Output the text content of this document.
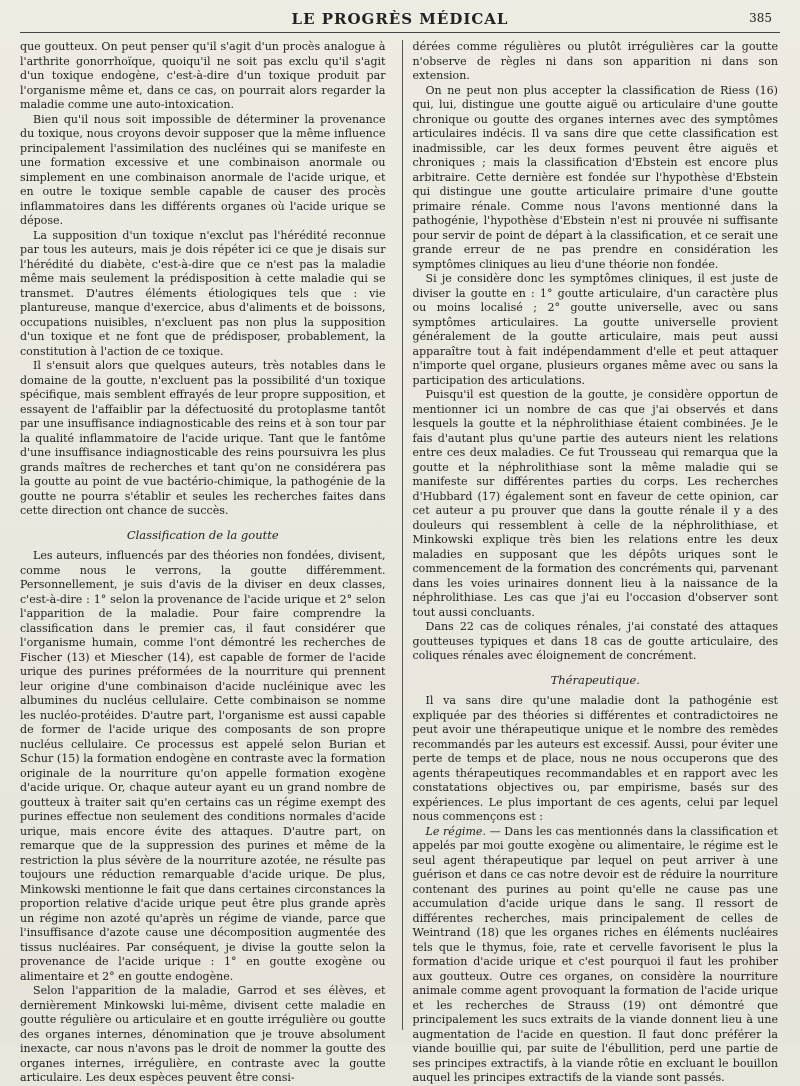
LE PROGRÈS MÉDICAL	385

que goutteux. On peut penser qu'il s'agit d'un procès analogue à l'arthrite gonorrhoïque, quoiqu'il ne soit pas exclu qu'il s'agit d'un toxique endogène, c'est-à-dire d'un toxique produit par l'organisme même et, dans ce cas, on pourrait alors regarder la maladie comme une auto-intoxication.

Bien qu'il nous soit impossible de déterminer la provenance du toxique, nous croyons devoir supposer que la même influence principalement l'assimilation des nucléines qui se manifeste en une formation excessive et une combinaison anormale ou simplement en une combinaison anormale de l'acide urique, et en outre le toxique semble capable de causer des procès inflammatoires dans les différents organes où l'acide urique se dépose.

La supposition d'un toxique n'exclut pas l'hérédité reconnue par tous les auteurs, mais je dois répéter ici ce que je disais sur l'hérédité du diabète, c'est-à-dire que ce n'est pas la maladie même mais seulement la prédisposition à cette maladie qui se transmet. D'autres éléments étiologiques tels que : vie plantureuse, manque d'exercice, abus d'aliments et de boissons, occupations nuisibles, n'excluent pas non plus la supposition d'un toxique et ne font que de prédisposer, probablement, la constitution à l'action de ce toxique.

Il s'ensuit alors que quelques auteurs, très notables dans le domaine de la goutte, n'excluent pas la possibilité d'un toxique spécifique, mais semblent effrayés de leur propre supposition, et essayent de l'affaiblir par la défectuosité du protoplasme tantôt par une insuffisance indiagnosticable des reins et à son tour par la qualité inflammatoire de l'acide urique. Tant que le fantôme d'une insuffisance indiagnosticable des reins poursuivra les plus grands maîtres de recherches et tant qu'on ne considérera pas la goutte au point de vue bactério-chimique, la pathogénie de la goutte ne pourra s'établir et seules les recherches faites dans cette direction ont chance de succès.

Classification de la goutte

Les auteurs, influencés par des théories non fondées, divisent, comme nous le verrons, la goutte différemment. Personnellement, je suis d'avis de la diviser en deux classes, c'est-à-dire : 1° selon la provenance de l'acide urique et 2° selon l'apparition de la maladie. Pour faire comprendre la classification dans le premier cas, il faut considérer que l'organisme humain, comme l'ont démontré les recherches de Fischer (13) et Miescher (14), est capable de former de l'acide urique des purines préformées de la nourriture qui prennent leur origine d'une combinaison d'acide nucléinique avec les albumines du nucléus cellulaire. Cette combinaison se nomme les nucléo-protéides. D'autre part, l'organisme est aussi capable de former de l'acide urique des composants de son propre nucléus cellulaire. Ce processus est appelé selon Burian et Schur (15) la formation endogène en contraste avec la formation originale de la nourriture qu'on appelle formation exogène d'acide urique. Or, chaque auteur ayant eu un grand nombre de goutteux à traiter sait qu'en certains cas un régime exempt des purines effectue non seulement des conditions normales d'acide urique, mais encore évite des attaques. D'autre part, on remarque que de la suppression des purines et même de la restriction la plus sévère de la nourriture azotée, ne résulte pas toujours une réduction remarquable d'acide urique. De plus, Minkowski mentionne le fait que dans certaines circonstances la proportion relative d'acide urique peut être plus grande après un régime non azoté qu'après un régime de viande, parce que l'insuffisance d'azote cause une décomposition augmentée des tissus nucléaires. Par conséquent, je divise la goutte selon la provenance de l'acide urique : 1° en goutte exogène ou alimentaire et 2° en goutte endogène.

Selon l'apparition de la maladie, Garrod et ses élèves, et dernièrement Minkowski lui-même, divisent cette maladie en goutte régulière ou articulaire et en goutte irrégulière ou goutte des organes internes, dénomination que je trouve absolument inexacte, car nous n'avons pas le droit de nommer la goutte des organes internes, irrégulière, en contraste avec la goutte articulaire. Les deux espèces peuvent être consi-

dérées comme régulières ou plutôt irrégulières car la goutte n'observe de règles ni dans son apparition ni dans son extension.

On ne peut non plus accepter la classification de Riess (16) qui, lui, distingue une goutte aiguë ou articulaire d'une goutte chronique ou goutte des organes internes avec des symptômes articulaires indécis. Il va sans dire que cette classification est inadmissible, car les deux formes peuvent être aiguës et chroniques ; mais la classification d'Ebstein est encore plus arbitraire. Cette dernière est fondée sur l'hypothèse d'Ebstein qui distingue une goutte articulaire primaire d'une goutte primaire rénale. Comme nous l'avons mentionné dans la pathogénie, l'hypothèse d'Ebstein n'est ni prouvée ni suffisante pour servir de point de départ à la classification, et ce serait une grande erreur de ne pas prendre en considération les symptômes cliniques au lieu d'une théorie non fondée.

Si je considère donc les symptômes cliniques, il est juste de diviser la goutte en : 1° goutte articulaire, d'un caractère plus ou moins localisé ; 2° goutte universelle, avec ou sans symptômes articulaires. La goutte universelle provient généralement de la goutte articulaire, mais peut aussi apparaître tout à fait indépendamment d'elle et peut attaquer n'importe quel organe, plusieurs organes même avec ou sans la participation des articulations.

Puisqu'il est question de la goutte, je considère opportun de mentionner ici un nombre de cas que j'ai observés et dans lesquels la goutte et la néphrolithiase étaient combinées. Je le fais d'autant plus qu'une partie des auteurs nient les relations entre ces deux maladies. Ce fut Trousseau qui remarqua que la goutte et la néphrolithiase sont la même maladie qui se manifeste sur différentes parties du corps. Les recherches d'Hubbard (17) également sont en faveur de cette opinion, car cet auteur a pu prouver que dans la goutte rénale il y a des douleurs qui ressemblent à celle de la néphrolithiase, et Minkowski explique très bien les relations entre les deux maladies en supposant que les dépôts uriques sont le commencement de la formation des concréments qui, parvenant dans les voies urinaires donnent lieu à la naissance de la néphrolithiase. Les cas que j'ai eu l'occasion d'observer sont tout aussi concluants.

Dans 22 cas de coliques rénales, j'ai constaté des attaques goutteuses typiques et dans 18 cas de goutte articulaire, des coliques rénales avec éloignement de concrément.

Thérapeutique.

Il va sans dire qu'une maladie dont la pathogénie est expliquée par des théories si différentes et contradictoires ne peut avoir une thérapeutique unique et le nombre des remèdes recommandés par les auteurs est excessif. Aussi, pour éviter une perte de temps et de place, nous ne nous occuperons que des agents thérapeutiques recommandables et en rapport avec les constatations objectives ou, par empirisme, basés sur des expériences. Le plus important de ces agents, celui par lequel nous commençons est :

Le régime. — Dans les cas mentionnés dans la classification et appelés par moi goutte exogène ou alimentaire, le régime est le seul agent thérapeutique par lequel on peut arriver à une guérison et dans ce cas notre devoir est de réduire la nourriture contenant des purines au point qu'elle ne cause pas une accumulation d'acide urique dans le sang. Il ressort de différentes recherches, mais principalement de celles de Weintrand (18) que les organes riches en éléments nucléaires tels que le thymus, foie, rate et cervelle favorisent le plus la formation d'acide urique et c'est pourquoi il faut les prohiber aux goutteux. Outre ces organes, on considère la nourriture animale comme agent provoquant la formation de l'acide urique et les recherches de Strauss (19) ont démontré que principalement les sucs extraits de la viande donnent lieu à une augmentation de l'acide en question. Il faut donc préférer la viande bouillie qui, par suite de l'ébullition, perd une partie de ses principes extractifs, à la viande rôtie en excluant le bouillon auquel les principes extractifs de la viande sont passés.
